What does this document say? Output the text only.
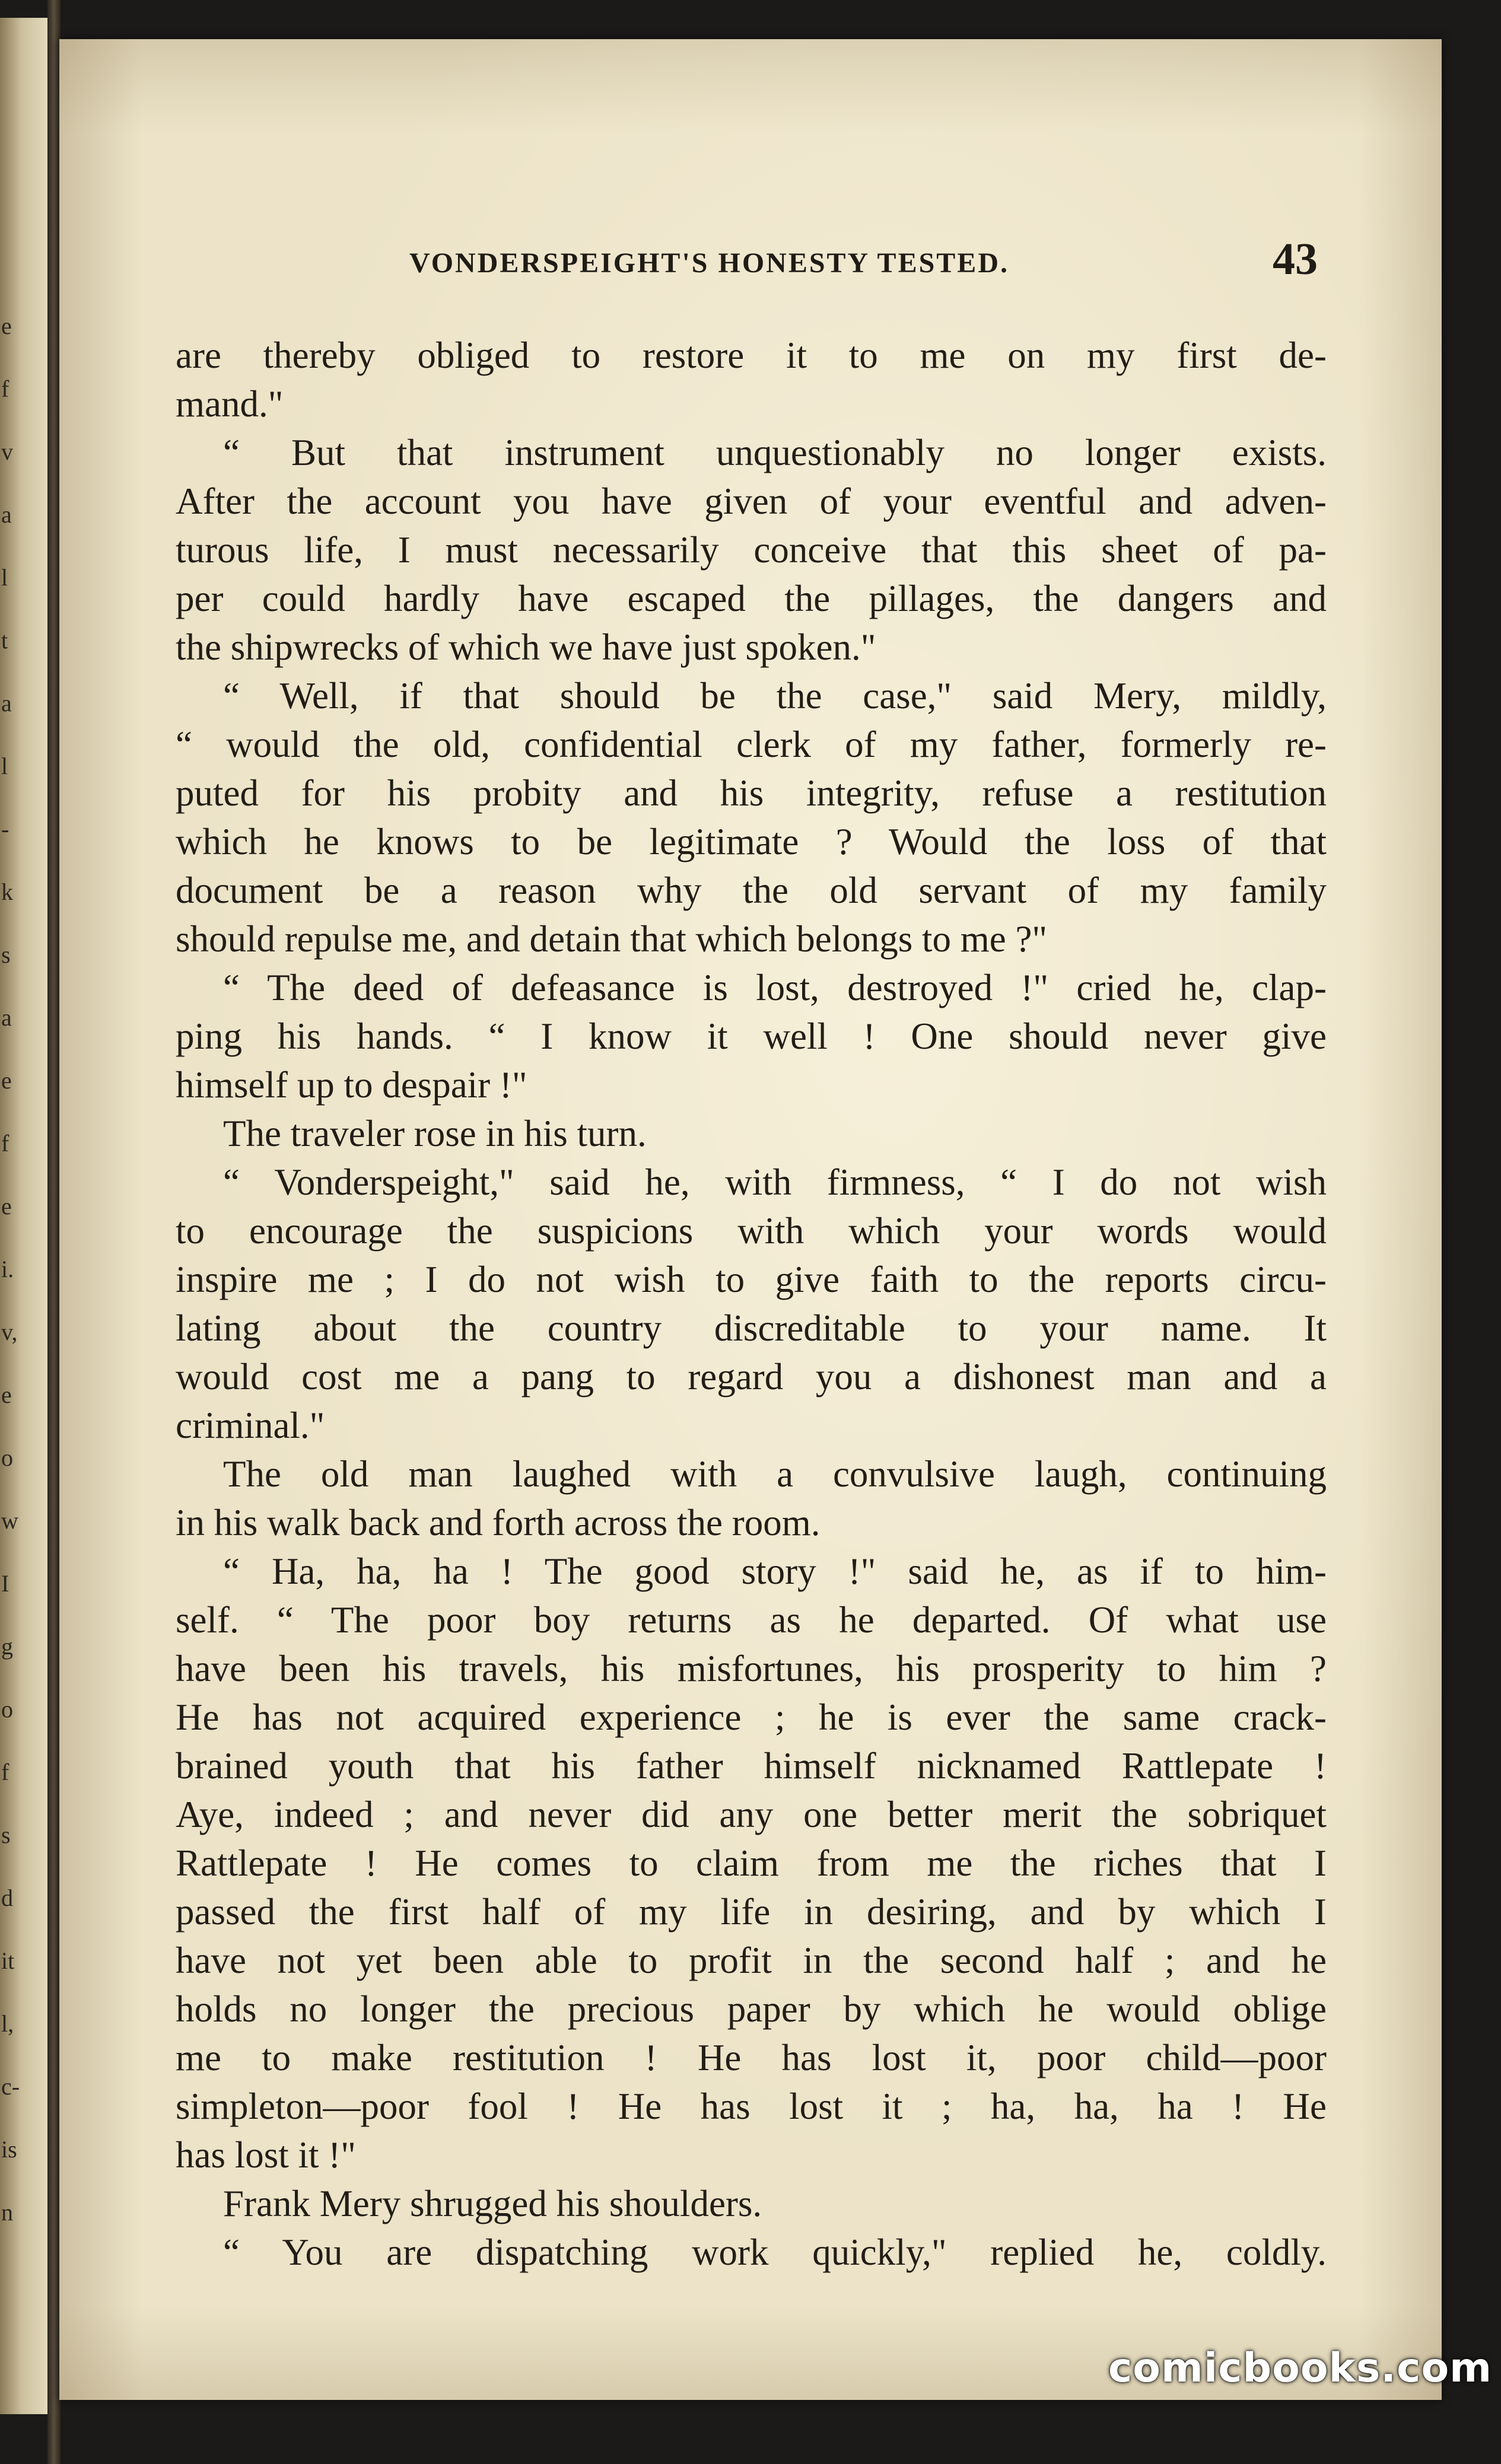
e
f
v
a
l
t
a
l
-
k
s
a
e
f
e
i.
v,
e
o
w
I
g
o
f
s
d
it
l,
c-
is
n
VONDERSPEIGHT'S HONESTY TESTED.	43
are thereby obliged to restore it to me on my first de-
mand."
“ But that instrument unquestionably no longer exists.
After the account you have given of your eventful and adven-
turous life, I must necessarily conceive that this sheet of pa-
per could hardly have escaped the pillages, the dangers and
the shipwrecks of which we have just spoken."
“ Well, if that should be the case," said Mery, mildly,
“ would the old, confidential clerk of my father, formerly re-
puted for his probity and his integrity, refuse a restitution
which he knows to be legitimate ? Would the loss of that
document be a reason why the old servant of my family
should repulse me, and detain that which belongs to me ?"
“ The deed of defeasance is lost, destroyed !" cried he, clap-
ping his hands. “ I know it well ! One should never give
himself up to despair !"
The traveler rose in his turn.
“ Vonderspeight," said he, with firmness, “ I do not wish
to encourage the suspicions with which your words would
inspire me ; I do not wish to give faith to the reports circu-
lating about the country discreditable to your name. It
would cost me a pang to regard you a dishonest man and a
criminal."
The old man laughed with a convulsive laugh, continuing
in his walk back and forth across the room.
“ Ha, ha, ha ! The good story !" said he, as if to him-
self. “ The poor boy returns as he departed. Of what use
have been his travels, his misfortunes, his prosperity to him ?
He has not acquired experience ; he is ever the same crack-
brained youth that his father himself nicknamed Rattlepate !
Aye, indeed ; and never did any one better merit the sobriquet
Rattlepate ! He comes to claim from me the riches that I
passed the first half of my life in desiring, and by which I
have not yet been able to profit in the second half ; and he
holds no longer the precious paper by which he would oblige
me to make restitution ! He has lost it, poor child—poor
simpleton—poor fool ! He has lost it ; ha, ha, ha ! He
has lost it !"
Frank Mery shrugged his shoulders.
“ You are dispatching work quickly," replied he, coldly.
comicbooks.com
